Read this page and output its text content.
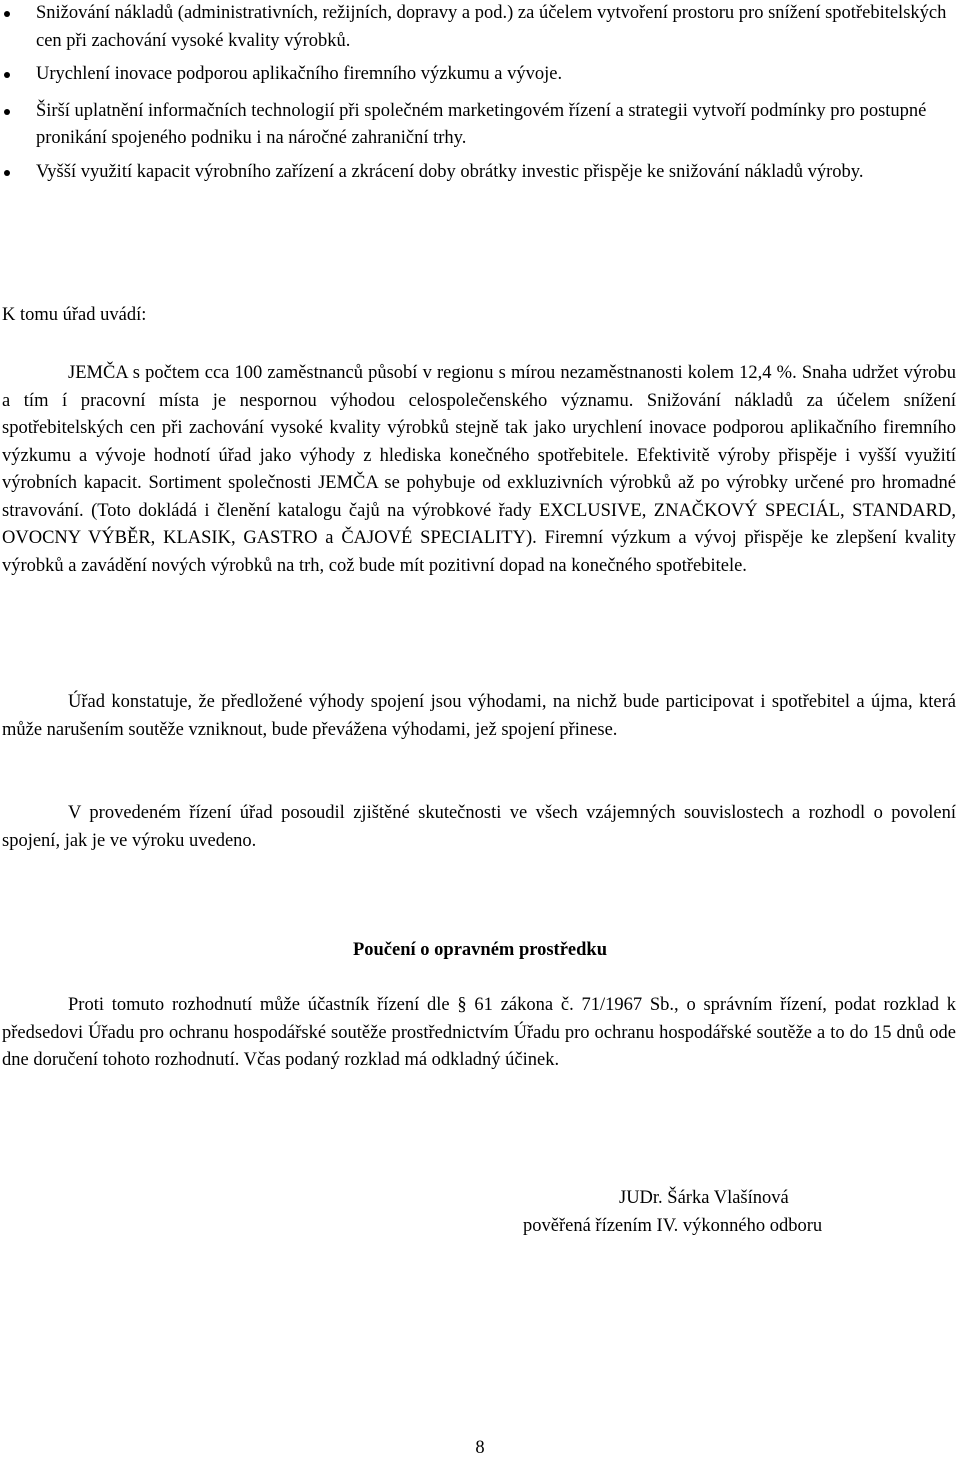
Snižování nákladů (administrativních, režijních, dopravy a pod.) za účelem vytvoření prostoru pro snížení spotřebitelských cen při zachování vysoké kvality výrobků.
Urychlení inovace podporou aplikačního firemního výzkumu a vývoje.
Širší uplatnění informačních technologií při společném marketingovém řízení a strategii vytvoří podmínky pro postupné pronikání spojeného podniku i na náročné zahraniční trhy.
Vyšší využití kapacit výrobního zařízení a zkrácení doby obrátky investic přispěje ke snižování nákladů výroby.

K tomu úřad uvádí:

JEMČA s počtem cca 100 zaměstnanců působí v regionu s mírou nezaměstnanosti kolem 12,4 %. Snaha udržet výrobu a tím í pracovní místa je nespornou výhodou celospolečenského významu. Snižování nákladů za účelem snížení spotřebitelských cen při zachování vysoké kvality výrobků stejně tak jako urychlení inovace podporou aplikačního firemního výzkumu a vývoje hodnotí úřad jako výhody z hlediska konečného spotřebitele. Efektivitě výroby přispěje i vyšší využití výrobních kapacit. Sortiment společnosti JEMČA se pohybuje od exkluzivních výrobků až po výrobky určené pro hromadné stravování. (Toto dokládá i členění katalogu čajů na výrobkové řady EXCLUSIVE, ZNAČKOVÝ SPECIÁL, STANDARD, OVOCNY VÝBĚR, KLASIK, GASTRO a ČAJOVÉ SPECIALITY). Firemní výzkum a vývoj přispěje ke zlepšení kvality výrobků a zavádění nových výrobků na trh, což bude mít pozitivní dopad na konečného spotřebitele.

Úřad konstatuje, že předložené výhody spojení jsou výhodami, na nichž bude participovat i spotřebitel a újma, která může narušením soutěže vzniknout, bude převážena výhodami, jež spojení přinese.

V provedeném řízení úřad posoudil zjištěné skutečnosti ve všech vzájemných souvislostech a rozhodl o povolení spojení, jak je ve výroku uvedeno.

Poučení o opravném prostředku

Proti tomuto rozhodnutí může účastník řízení dle § 61 zákona č. 71/1967 Sb., o správním řízení, podat rozklad k předsedovi Úřadu pro ochranu hospodářské soutěže prostřednictvím Úřadu pro ochranu hospodářské soutěže a to do 15 dnů ode dne doručení tohoto rozhodnutí. Včas podaný rozklad má odkladný účinek.

JUDr. Šárka Vlašínová
pověřená řízením IV. výkonného odboru

8
